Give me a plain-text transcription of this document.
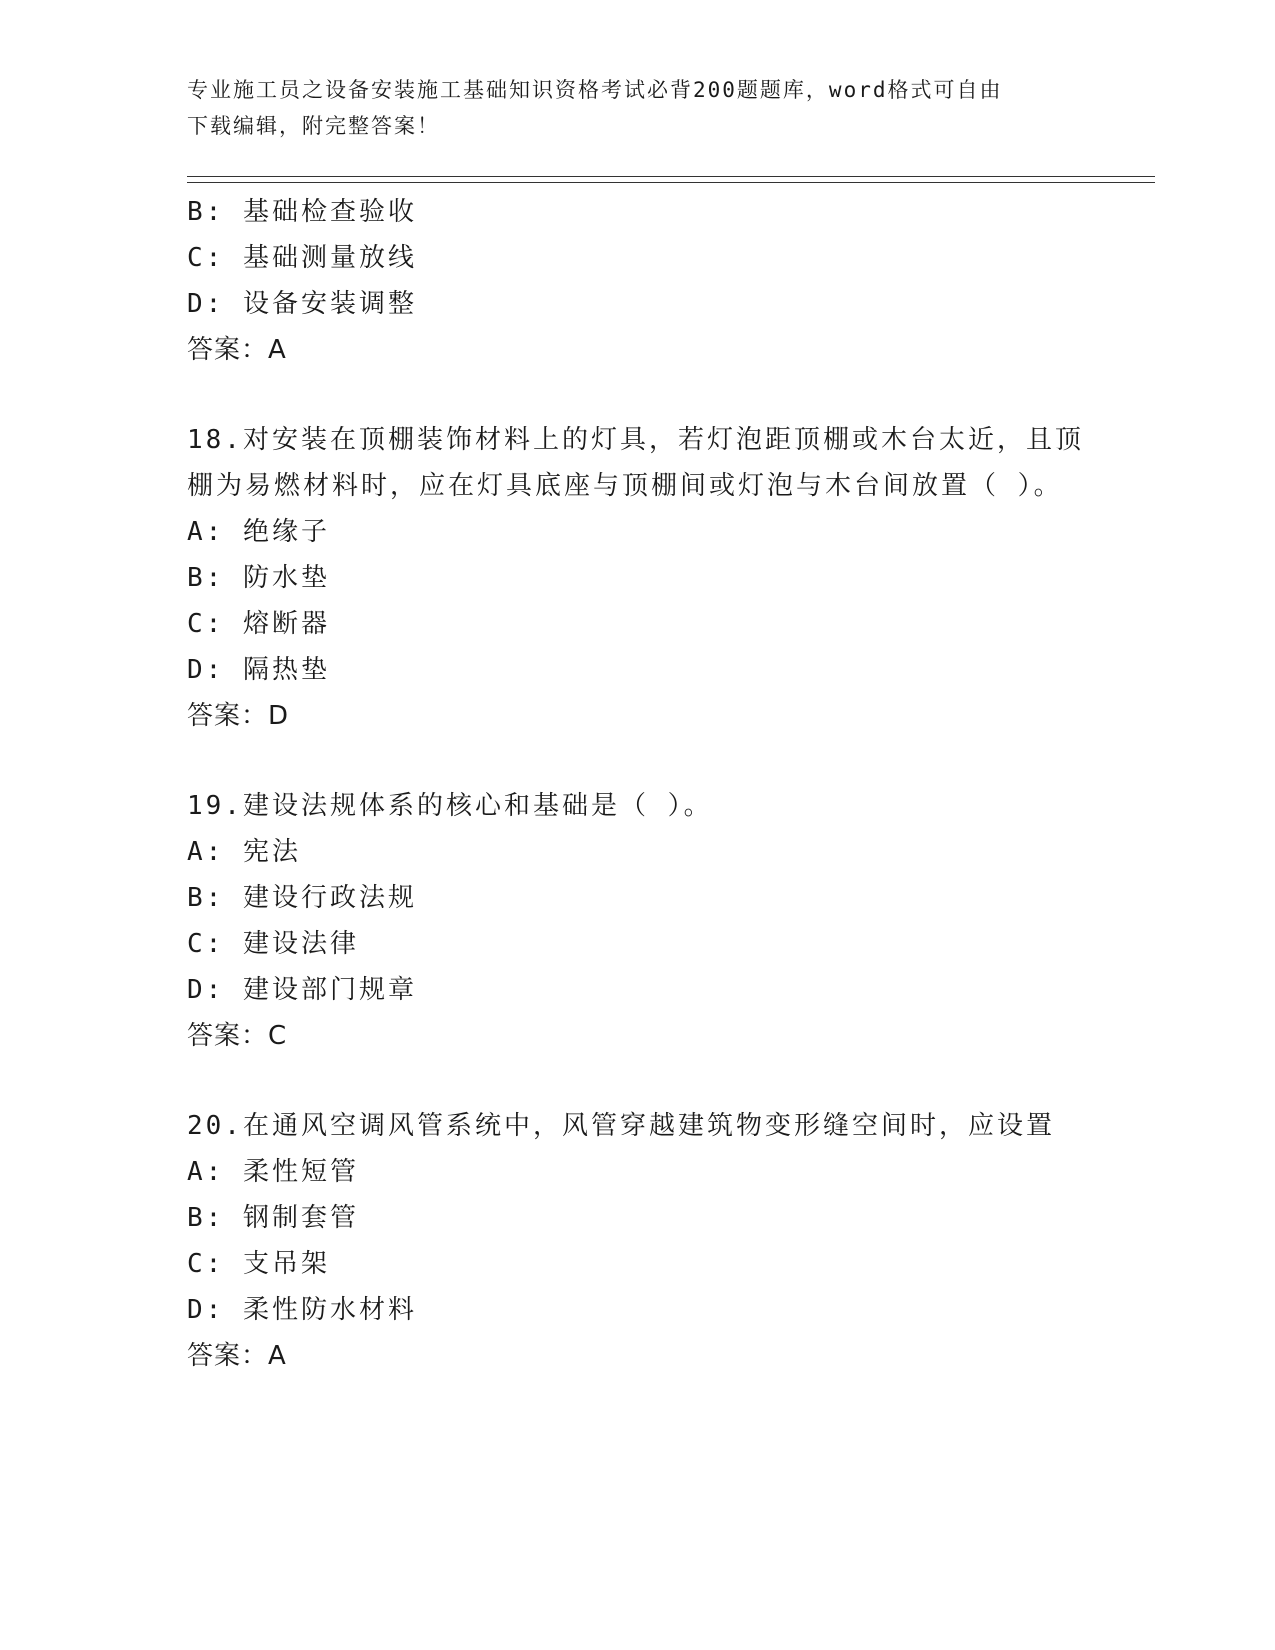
专业施工员之设备安装施工基础知识资格考试必背200题题库，word格式可自由
下载编辑，附完整答案！
B: 基础检查验收
C: 基础测量放线
D: 设备安装调整
答案：A
18.对安装在顶棚装饰材料上的灯具，若灯泡距顶棚或木台太近，且顶
棚为易燃材料时，应在灯具底座与顶棚间或灯泡与木台间放置（ ）。
A: 绝缘子
B: 防水垫
C: 熔断器
D: 隔热垫
答案：D
19.建设法规体系的核心和基础是（ ）。
A: 宪法
B: 建设行政法规
C: 建设法律
D: 建设部门规章
答案：C
20.在通风空调风管系统中，风管穿越建筑物变形缝空间时，应设置
A: 柔性短管
B: 钢制套管
C: 支吊架
D: 柔性防水材料
答案：A
